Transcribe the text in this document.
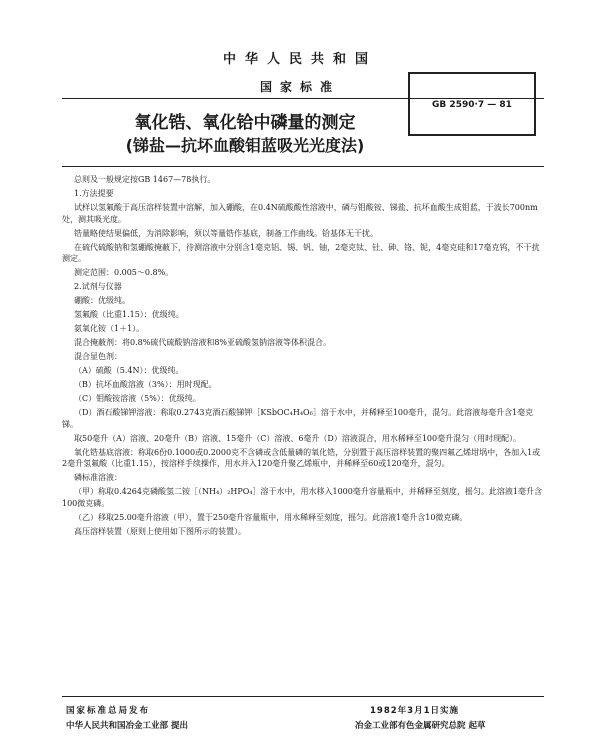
中华人民共和国
国家标准
氧化锆、氧化铪中磷量的测定
(锑盐—抗坏血酸钼蓝吸光光度法)
GB 2590·7 — 81

总则及一般规定按GB 1467—78执行。

1.方法提要

试样以氢氟酸于高压溶样装置中溶解，加入硼酸，在0.4N硫酸酸性溶液中，磷与钼酸铵、锑盐、抗坏血酸生成钼蓝，于波长700nm处，测其吸光度。

锆量略使结果偏低，为消除影响，须以等量锆作基底，制备工作曲线。铪基体无干扰。

在硫代硫酸钠和氢硼酸掩蔽下，待测溶液中分别含1毫克铝、锡、钒、铀，2毫克钛、钍、砷、铬、铌，4毫克硅和17毫克钨，不干扰测定。

测定范围：0.005～0.8%。

2.试剂与仪器

硼酸：优级纯。

氢氟酸（比重1.15）：优级纯。

氨氧化铵（1＋1）。

混合掩蔽剂：将0.8%硫代硫酸钠溶液和8%亚硫酸氢钠溶液等体积混合。

混合显色剂：

（A）硫酸（5.4N）：优级纯。

（B）抗坏血酸溶液（3%）：用时现配。

（C）钼酸铵溶液（5%）：优级纯。

（D）酒石酸锑钾溶液：称取0.2743克酒石酸锑钾［KSbOC₄H₄O₆］溶于水中，并稀释至100毫升，混匀。此溶液每毫升含1毫克锑。

取50毫升（A）溶液、20毫升（B）溶液、15毫升（C）溶液、6毫升（D）溶液混合，用水稀释至100毫升混匀（用时现配）。

氧化锆基底溶液：称取6份0.1000或0.2000克不含磷或含低量磷的氧化锆，分别置于高压溶样装置的聚四氟乙烯坩埚中，各加入1或2毫升氢氟酸（比重1.15），按溶样手续操作，用水并入120毫升聚乙烯瓶中，并稀释至60或120毫升，混匀。

磷标准溶液：

（甲）称取0.4264克磷酸氢二铵［（NH₄）₂HPO₄］溶于水中，用水移入1000毫升容量瓶中，并稀释至刻度，摇匀。此溶液1毫升含100微克磷。

（乙）移取25.00毫升溶液（甲），置于250毫升容量瓶中，用水稀释至刻度，摇匀。此溶液1毫升含10微克磷。

高压溶样装置（原则上使用如下图所示的装置）。

国家标准总局发布	1982年3月1日实施
中华人民共和国冶金工业部 提出	冶金工业部有色金属研究总院 起草
